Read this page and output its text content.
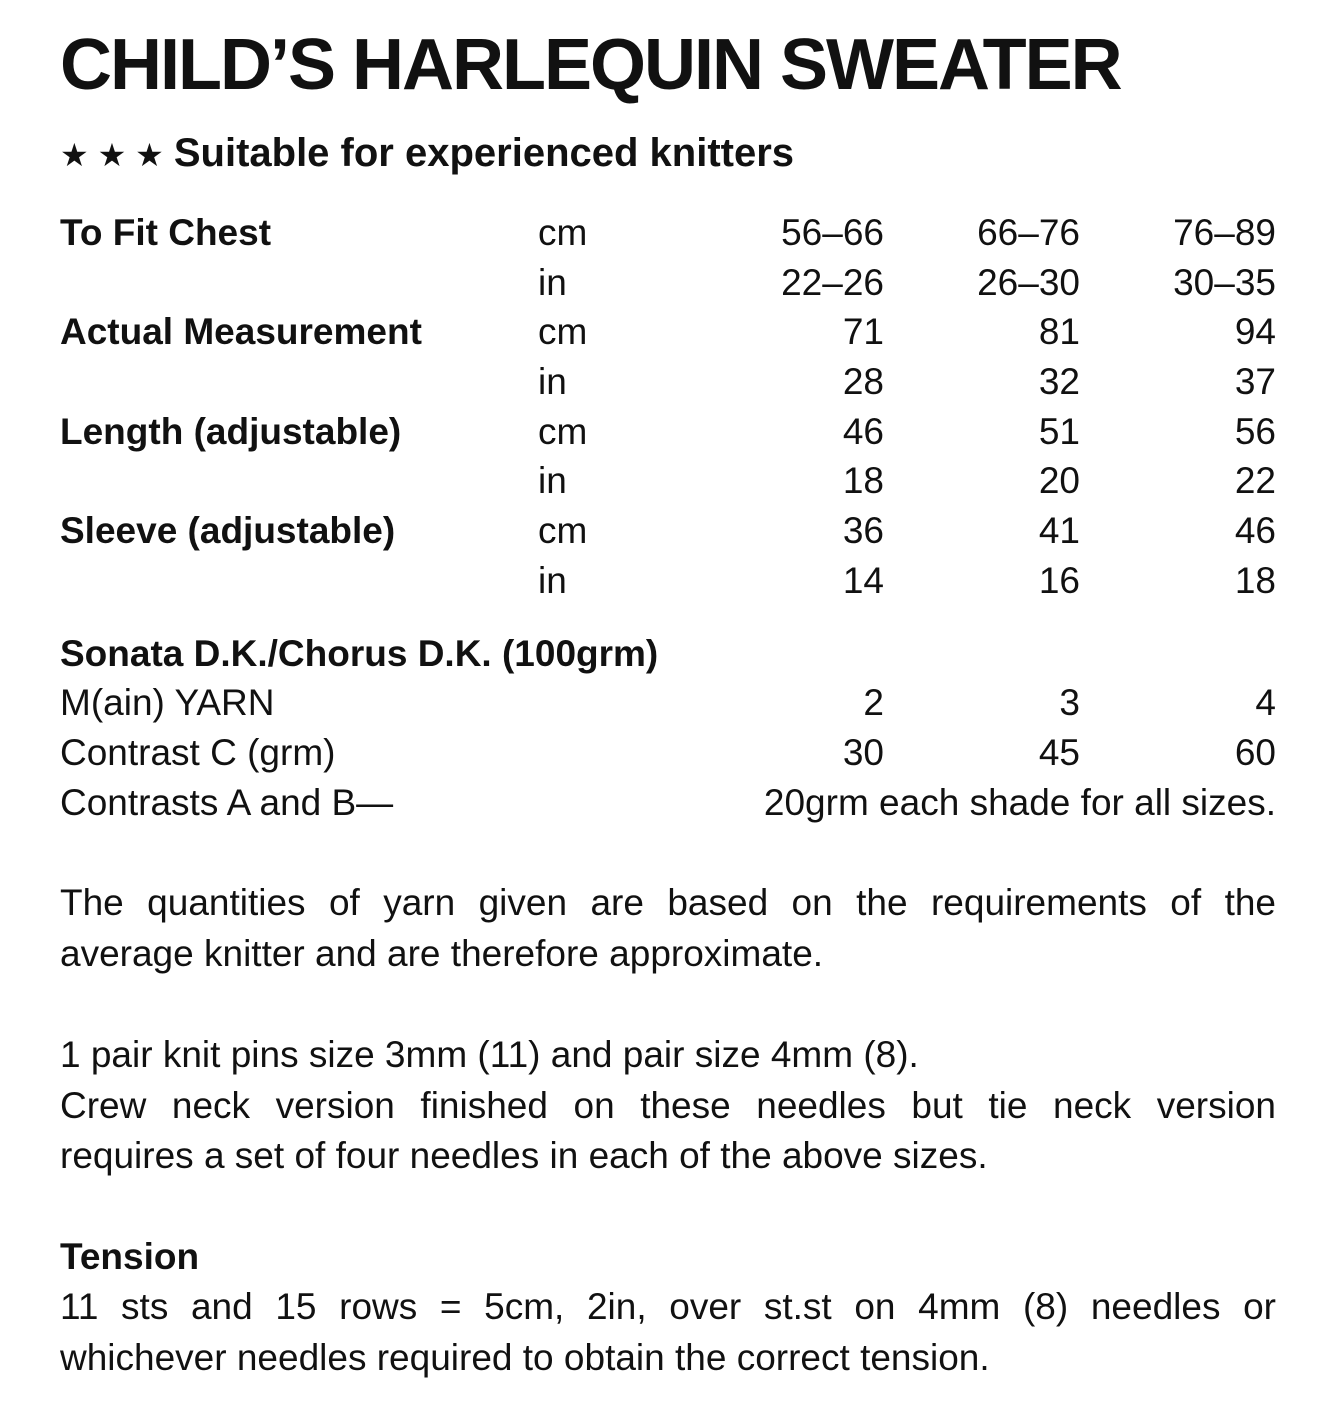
CHILD’S HARLEQUIN SWEATER
★ ★ ★ Suitable for experienced knitters
To Fit Chest	cm	56–66	66–76	76–89
	in	22–26	26–30	30–35
Actual Measurement	cm	71	81	94
	in	28	32	37
Length (adjustable)	cm	46	51	56
	in	18	20	22
Sleeve (adjustable)	cm	36	41	46
	in	14	16	18
Sonata D.K./Chorus D.K. (100grm)
M(ain) YARN	2	3	4
Contrast C (grm)	30	45	60
Contrasts A and B—	20grm each shade for all sizes.		

The quantities of yarn given are based on the requirements of the
average knitter and are therefore approximate.

1 pair knit pins size 3mm (11) and pair size 4mm (8).
Crew neck version finished on these needles but tie neck version
requires a set of four needles in each of the above sizes.

Tension

11 sts and 15 rows = 5cm, 2in, over st.st on 4mm (8) needles or
whichever needles required to obtain the correct tension.
